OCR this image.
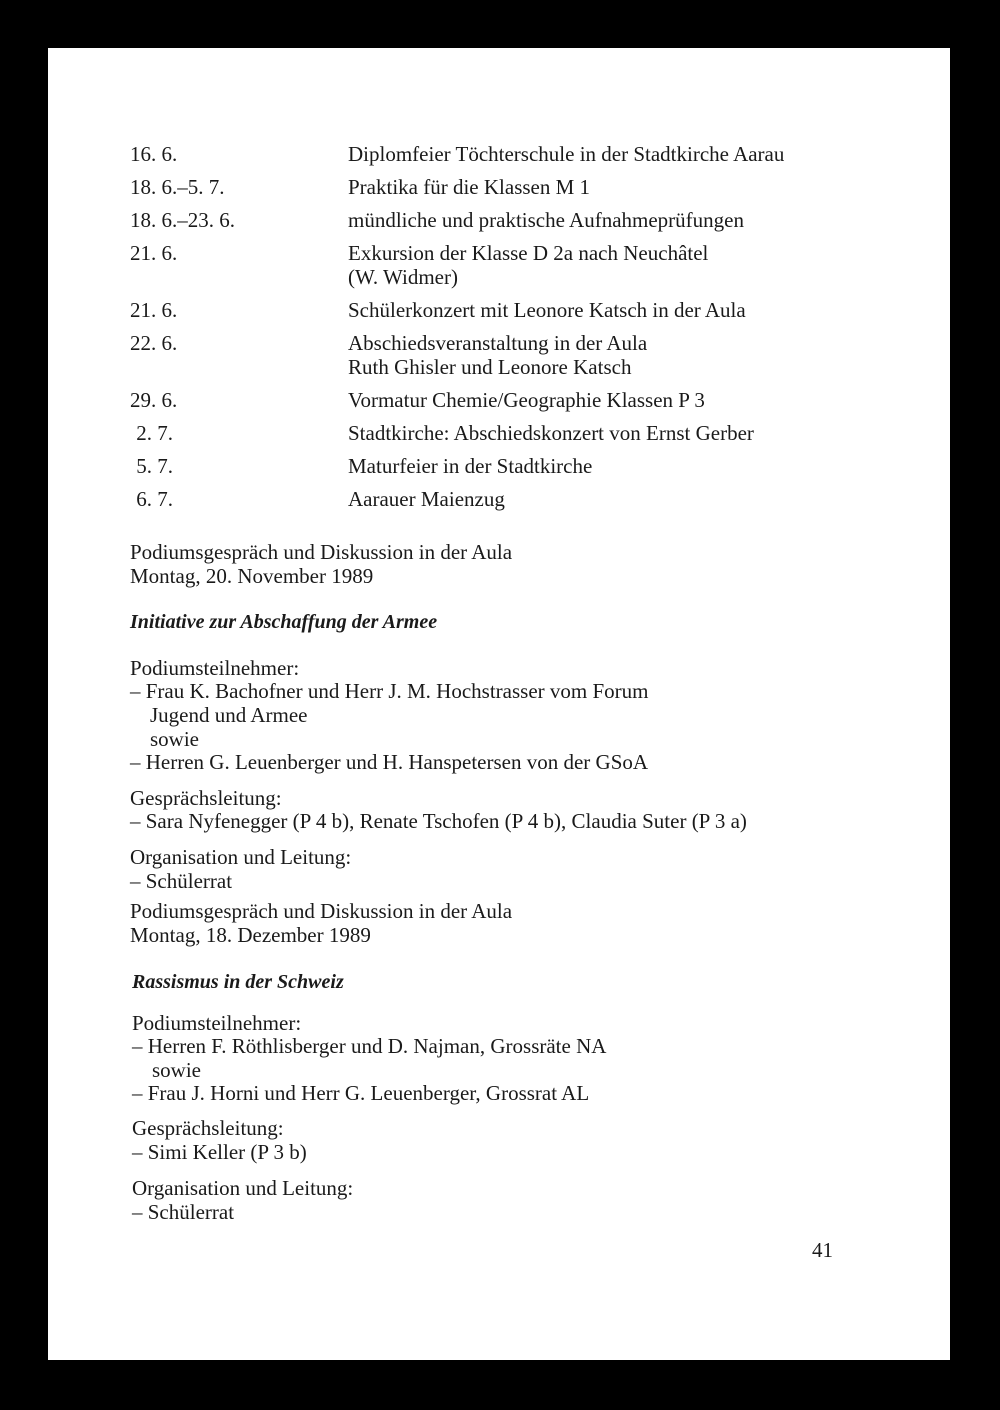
16. 6.	Diplomfeier Töchterschule in der Stadtkirche Aarau
18. 6.–5. 7.	Praktika für die Klassen M 1
18. 6.–23. 6.	mündliche und praktische Aufnahmeprüfungen
21. 6.	Exkursion der Klasse D 2a nach Neuchâtel
(W. Widmer)
21. 6.	Schülerkonzert mit Leonore Katsch in der Aula
22. 6.	Abschiedsveranstaltung in der Aula
Ruth Ghisler und Leonore Katsch
29. 6.	Vormatur Chemie/Geographie Klassen P 3
2. 7.	Stadtkirche: Abschiedskonzert von Ernst Gerber
5. 7.	Maturfeier in der Stadtkirche
6. 7.	Aarauer Maienzug
Podiumsgespräch und Diskussion in der Aula
Montag, 20. November 1989
Initiative zur Abschaffung der Armee
Podiumsteilnehmer:
– Frau K. Bachofner und Herr J. M. Hochstrasser vom Forum
Jugend und Armee
sowie
– Herren G. Leuenberger und H. Hanspetersen von der GSoA
Gesprächsleitung:
– Sara Nyfenegger (P 4 b), Renate Tschofen (P 4 b), Claudia Suter (P 3 a)
Organisation und Leitung:
– Schülerrat
Podiumsgespräch und Diskussion in der Aula
Montag, 18. Dezember 1989
Rassismus in der Schweiz
Podiumsteilnehmer:
– Herren F. Röthlisberger und D. Najman, Grossräte NA
sowie
– Frau J. Horni und Herr G. Leuenberger, Grossrat AL
Gesprächsleitung:
– Simi Keller (P 3 b)
Organisation und Leitung:
– Schülerrat
41
